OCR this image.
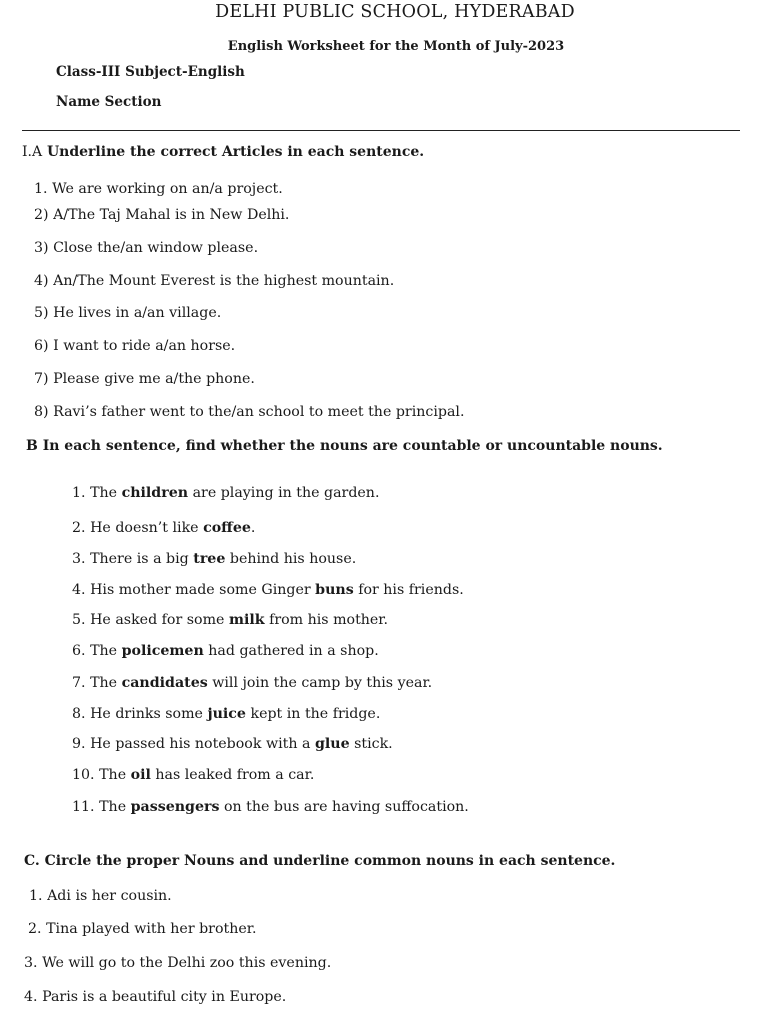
DELHI PUBLIC SCHOOL, HYDERABAD
English Worksheet for the Month of July-2023
Class-III Subject-English
Name Section
I.A Underline the correct Articles in each sentence.
1. We are working on an/a project.
2) A/The Taj Mahal is in New Delhi.
3) Close the/an window please.
4) An/The Mount Everest is the highest mountain.
5) He lives in a/an village.
6) I want to ride a/an horse.
7) Please give me a/the phone.
8) Ravi’s father went to the/an school to meet the principal.
B In each sentence, find whether the nouns are countable or uncountable nouns.
1. The children are playing in the garden.
2. He doesn’t like coffee.
3. There is a big tree behind his house.
4. His mother made some Ginger buns for his friends.
5. He asked for some milk from his mother.
6. The policemen had gathered in a shop.
7. The candidates will join the camp by this year.
8. He drinks some juice kept in the fridge.
9. He passed his notebook with a glue stick.
10. The oil has leaked from a car.
11. The passengers on the bus are having suffocation.
C. Circle the proper Nouns and underline common nouns in each sentence.
1. Adi is her cousin.
2. Tina played with her brother.
3. We will go to the Delhi zoo this evening.
4. Paris is a beautiful city in Europe.
